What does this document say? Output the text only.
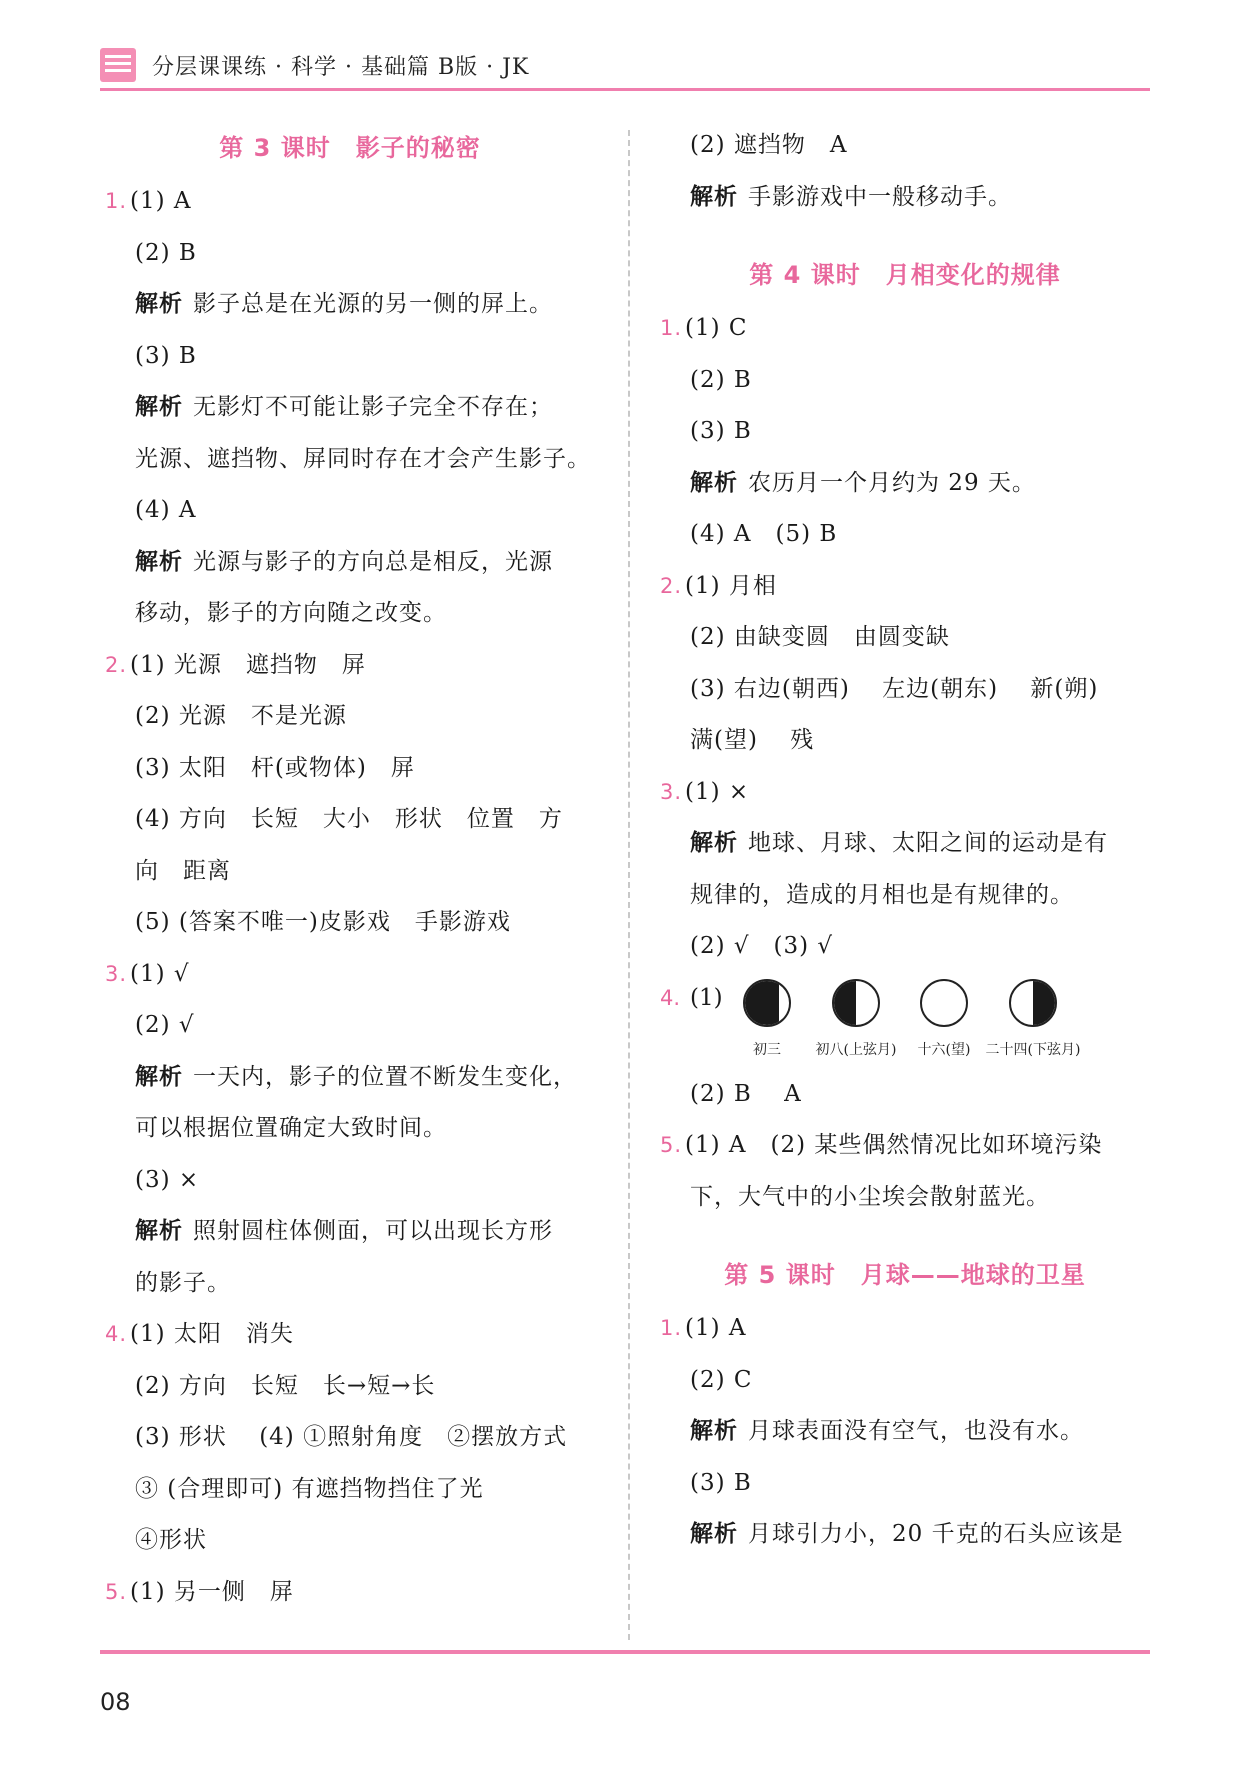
分层课课练 · 科学 · 基础篇 B版 · JK
第 3 课时　影子的秘密
1. (1) A
(2) B
解析 影子总是在光源的另一侧的屏上。
(3) B
解析 无影灯不可能让影子完全不存在；
光源、遮挡物、屏同时存在才会产生影子。
(4) A
解析 光源与影子的方向总是相反，光源
移动，影子的方向随之改变。
2. (1) 光源　遮挡物　屏
(2) 光源　不是光源
(3) 太阳　杆(或物体)　屏
(4) 方向　长短　大小　形状　位置　方
向　距离
(5) (答案不唯一)皮影戏　手影游戏
3. (1) √
(2) √
解析 一天内，影子的位置不断发生变化，
可以根据位置确定大致时间。
(3) ×
解析 照射圆柱体侧面，可以出现长方形
的影子。
4. (1) 太阳　消失
(2) 方向　长短　长→短→长
(3) 形状　 (4) ①照射角度　②摆放方式
③ (合理即可) 有遮挡物挡住了光
④形状
5. (1) 另一侧　屏
(2) 遮挡物　A
解析 手影游戏中一般移动手。
第 4 课时　月相变化的规律
1. (1) C
(2) B
(3) B
解析 农历月一个月约为 29 天。
(4) A　(5) B
2. (1) 月相
(2) 由缺变圆　由圆变缺
(3) 右边(朝西)　 左边(朝东)　 新(朔)
满(望)　 残
3. (1) ×
解析 地球、月球、太阳之间的运动是有
规律的，造成的月相也是有规律的。
(2) √　(3) √
4. (1)
初三 初八(上弦月) 十六(望) 二十四(下弦月)
(2) B　 A
5. (1) A　(2) 某些偶然情况比如环境污染
下，大气中的小尘埃会散射蓝光。
第 5 课时　月球——地球的卫星
1. (1) A
(2) C
解析 月球表面没有空气，也没有水。
(3) B
解析 月球引力小，20 千克的石头应该是
08
